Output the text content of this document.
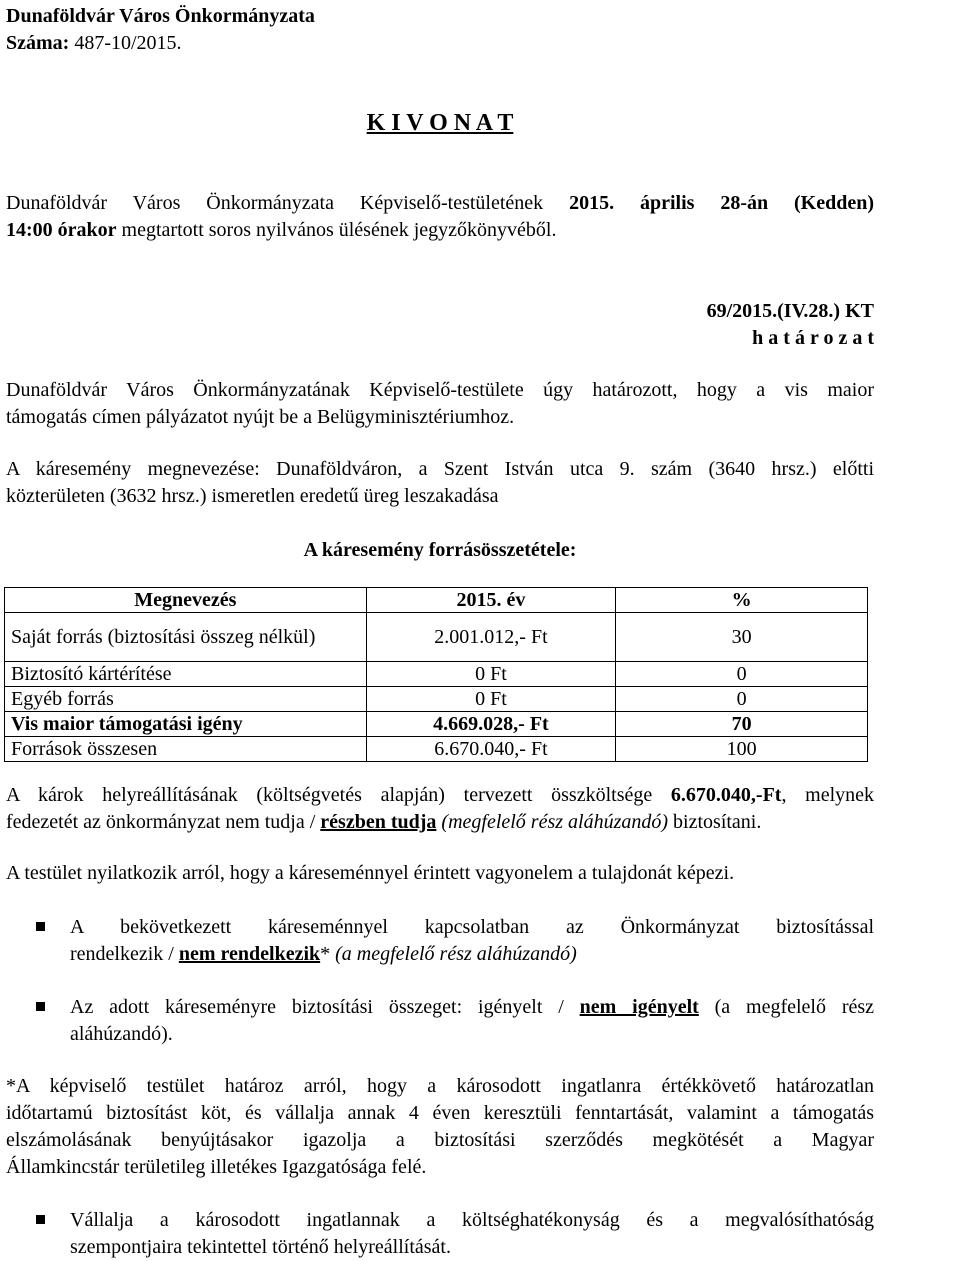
Dunaföldvár Város Önkormányzata
Száma: 487-10/2015.
K I V O N A T
Dunaföldvár Város Önkormányzata Képviselő-testületének 2015. április 28-án (Kedden)
14:00 órakor megtartott soros nyilvános ülésének jegyzőkönyvéből.
69/2015.(IV.28.) KT
h a t á r o z a t
Dunaföldvár Város Önkormányzatának Képviselő-testülete úgy határozott, hogy a vis maior
támogatás címen pályázatot nyújt be a Belügyminisztériumhoz.
A káresemény megnevezése: Dunaföldváron, a Szent István utca 9. szám (3640 hrsz.) előtti
közterületen (3632 hrsz.) ismeretlen eredetű üreg leszakadása
A káresemény forrásösszetétele:
Megnevezés	2015. év	%
Saját forrás (biztosítási összeg nélkül)	2.001.012,- Ft	30
Biztosító kártérítése	0 Ft	0
Egyéb forrás	0 Ft	0
Vis maior támogatási igény	4.669.028,- Ft	70
Források összesen	6.670.040,- Ft	100
A károk helyreállításának (költségvetés alapján) tervezett összköltsége 6.670.040,-Ft, melynek
fedezetét az önkormányzat nem tudja / részben tudja (megfelelő rész aláhúzandó) biztosítani.
A testület nyilatkozik arról, hogy a káreseménnyel érintett vagyonelem a tulajdonát képezi.
A bekövetkezett káreseménnyel kapcsolatban az Önkormányzat biztosítással
rendelkezik / nem rendelkezik* (a megfelelő rész aláhúzandó)
Az adott káreseményre biztosítási összeget: igényelt / nem igényelt (a megfelelő rész
aláhúzandó).
*A képviselő testület határoz arról, hogy a károsodott ingatlanra értékkövető határozatlan
időtartamú biztosítást köt, és vállalja annak 4 éven keresztüli fenntartását, valamint a támogatás
elszámolásának benyújtásakor igazolja a biztosítási szerződés megkötését a Magyar
Államkincstár területileg illetékes Igazgatósága felé.
Vállalja a károsodott ingatlannak a költséghatékonyság és a megvalósíthatóság
szempontjaira tekintettel történő helyreállítását.
